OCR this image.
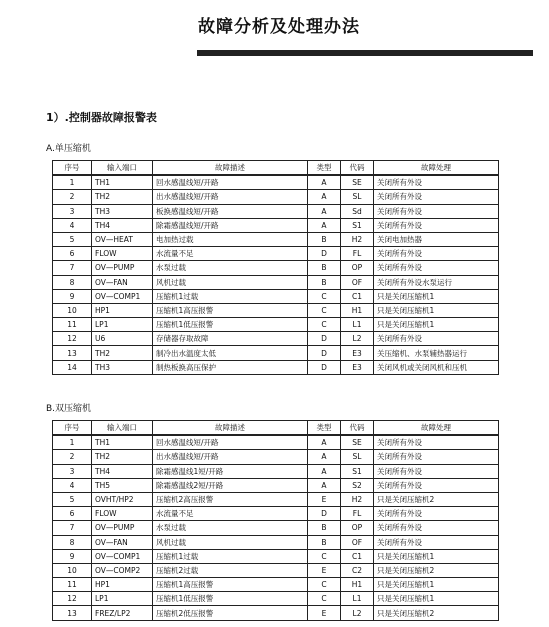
故障分析及处理办法
1）.控制器故障报警表
A.单压缩机
序号	输入端口	故障描述	类型	代码	故障处理
1	TH1	回水感温线短/开路	A	SE	关闭所有外设
2	TH2	出水感温线短/开路	A	SL	关闭所有外设
3	TH3	板换感温线短/开路	A	Sd	关闭所有外设
4	TH4	除霜感温线短/开路	A	S1	关闭所有外设
5	OV—HEAT	电加热过载	B	H2	关闭电加热器
6	FLOW	水流量不足	D	FL	关闭所有外设
7	OV—PUMP	水泵过载	B	OP	关闭所有外设
8	OV—FAN	风机过载	B	OF	关闭所有外设水泵运行
9	OV—COMP1	压缩机1过载	C	C1	只是关闭压缩机1
10	HP1	压缩机1高压报警	C	H1	只是关闭压缩机1
11	LP1	压缩机1低压报警	C	L1	只是关闭压缩机1
12	U6	存储器存取故障	D	L2	关闭所有外设
13	TH2	制冷出水温度太低	D	E3	关压缩机、水泵辅热器运行
14	TH3	制热板换高压保护	D	E3	关闭风机或关闭风机和压机
B.双压缩机
序号	输入端口	故障描述	类型	代码	故障处理
1	TH1	回水感温线短/开路	A	SE	关闭所有外设
2	TH2	出水感温线短/开路	A	SL	关闭所有外设
3	TH4	除霜感温线1短/开路	A	S1	关闭所有外设
4	TH5	除霜感温线2短/开路	A	S2	关闭所有外设
5	OVHT/HP2	压缩机2高压报警	E	H2	只是关闭压缩机2
6	FLOW	水流量不足	D	FL	关闭所有外设
7	OV—PUMP	水泵过载	B	OP	关闭所有外设
8	OV—FAN	风机过载	B	OF	关闭所有外设
9	OV—COMP1	压缩机1过载	C	C1	只是关闭压缩机1
10	OV—COMP2	压缩机2过载	E	C2	只是关闭压缩机2
11	HP1	压缩机1高压报警	C	H1	只是关闭压缩机1
12	LP1	压缩机1低压报警	C	L1	只是关闭压缩机1
13	FREZ/LP2	压缩机2低压报警	E	L2	只是关闭压缩机2
